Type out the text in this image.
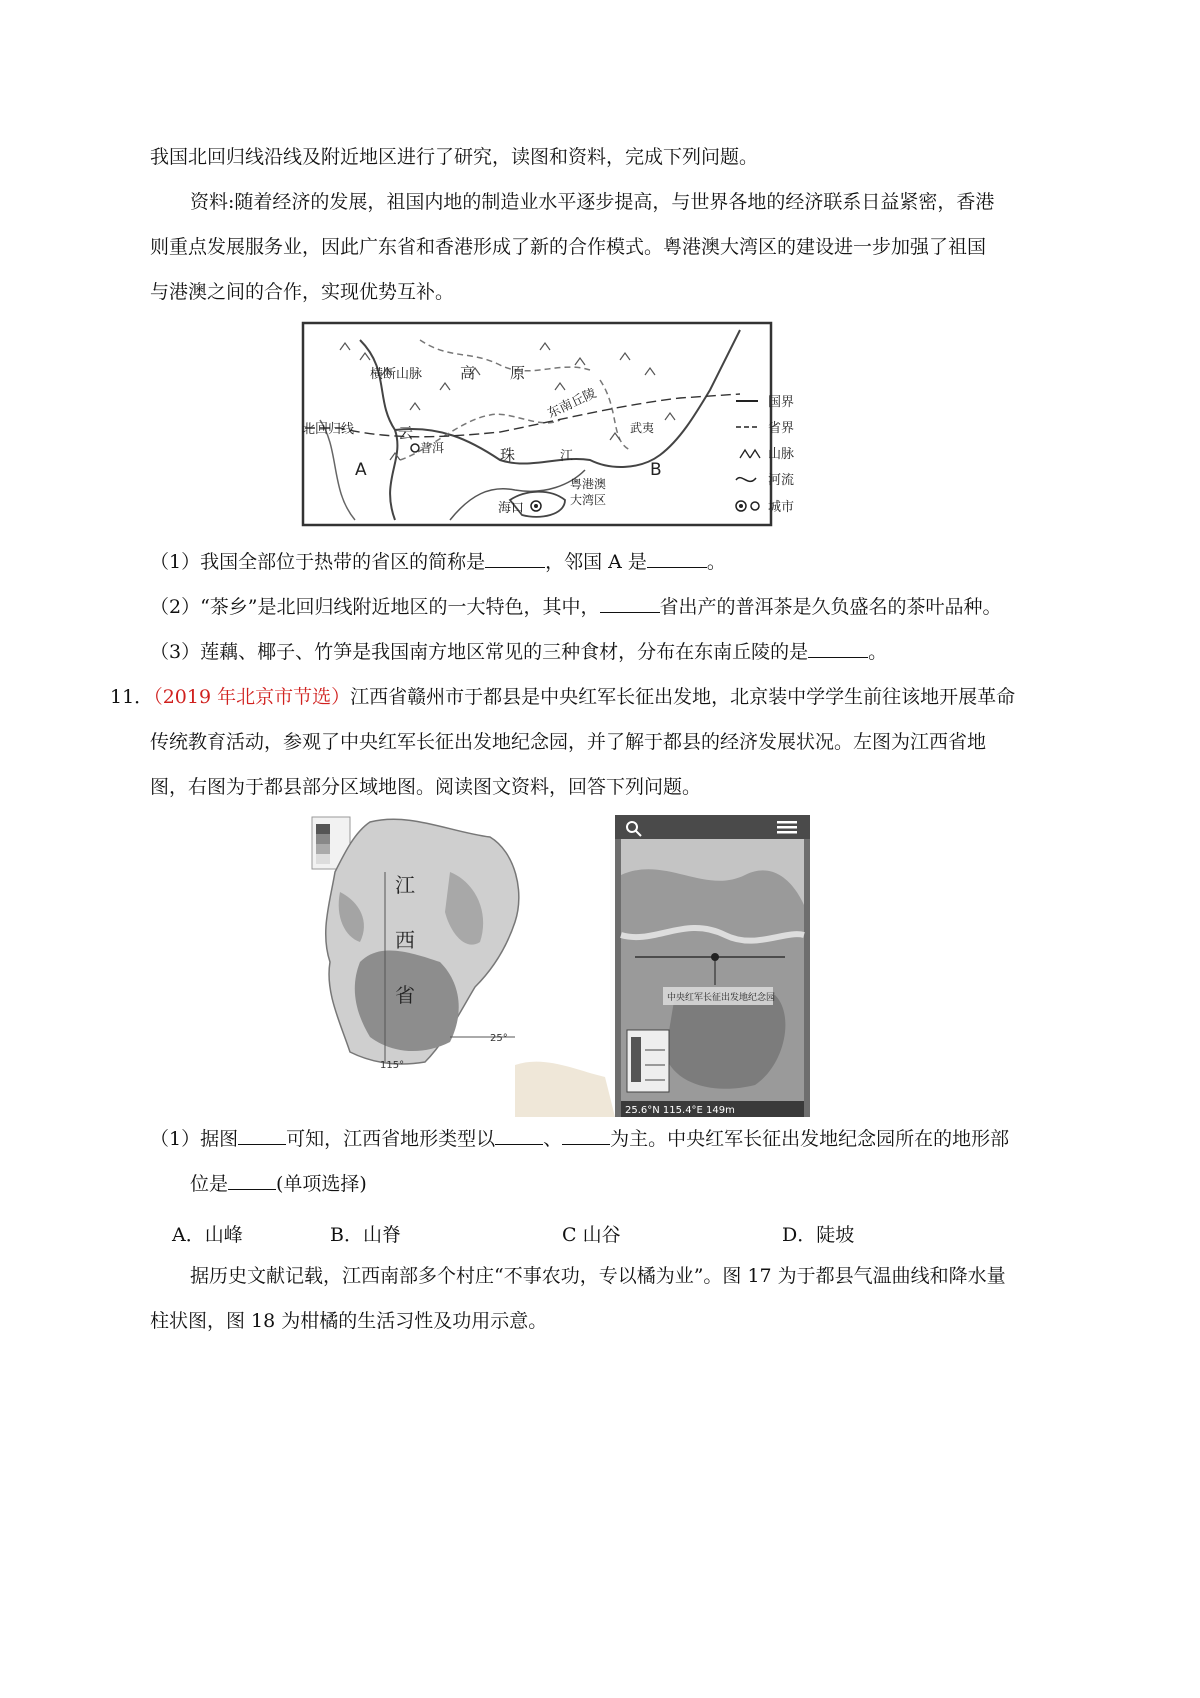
我国北回归线沿线及附近地区进行了研究，读图和资料，完成下列问题。
资料:随着经济的发展，祖国内地的制造业水平逐步提高，与世界各地的经济联系日益紧密，香港
则重点发展服务业，因此广东省和香港形成了新的合作模式。粤港澳大湾区的建设进一步加强了祖国
与港澳之间的合作，实现优势互补。
横断山脉	高 原
北回归线	云
普洱
东南丘陵
珠	江
武夷
A	B
海口
粤港澳
大湾区
国界
省界
山脉
河流
城市
（1）我国全部位于热带的省区的简称是	，邻国 A 是	。
（2）“茶乡”是北回归线附近地区的一大特色，其中，	省出产的普洱茶是久负盛名的茶叶品种。
（3）莲藕、椰子、竹笋是我国南方地区常见的三种食材，分布在东南丘陵的是	。
11．（2019 年北京市节选）江西省赣州市于都县是中央红军长征出发地，北京装中学学生前往该地开展革命
传统教育活动，参观了中央红军长征出发地纪念园，并了解于都县的经济发展状况。左图为江西省地
图，右图为于都县部分区域地图。阅读图文资料，回答下列问题。
江
西
省
25°
115°
中央红军长征出发地纪念园
25.6°N 115.4°E 149m
（1）据图	可知，江西省地形类型以	、	为主。中央红军长征出发地纪念园所在的地形部
位是	(单项选择)
A．山峰	B．山脊	C 山谷	D．陡坡
据历史文献记载，江西南部多个村庄“不事农功，专以橘为业”。图 17 为于都县气温曲线和降水量
柱状图，图 18 为柑橘的生活习性及功用示意。
